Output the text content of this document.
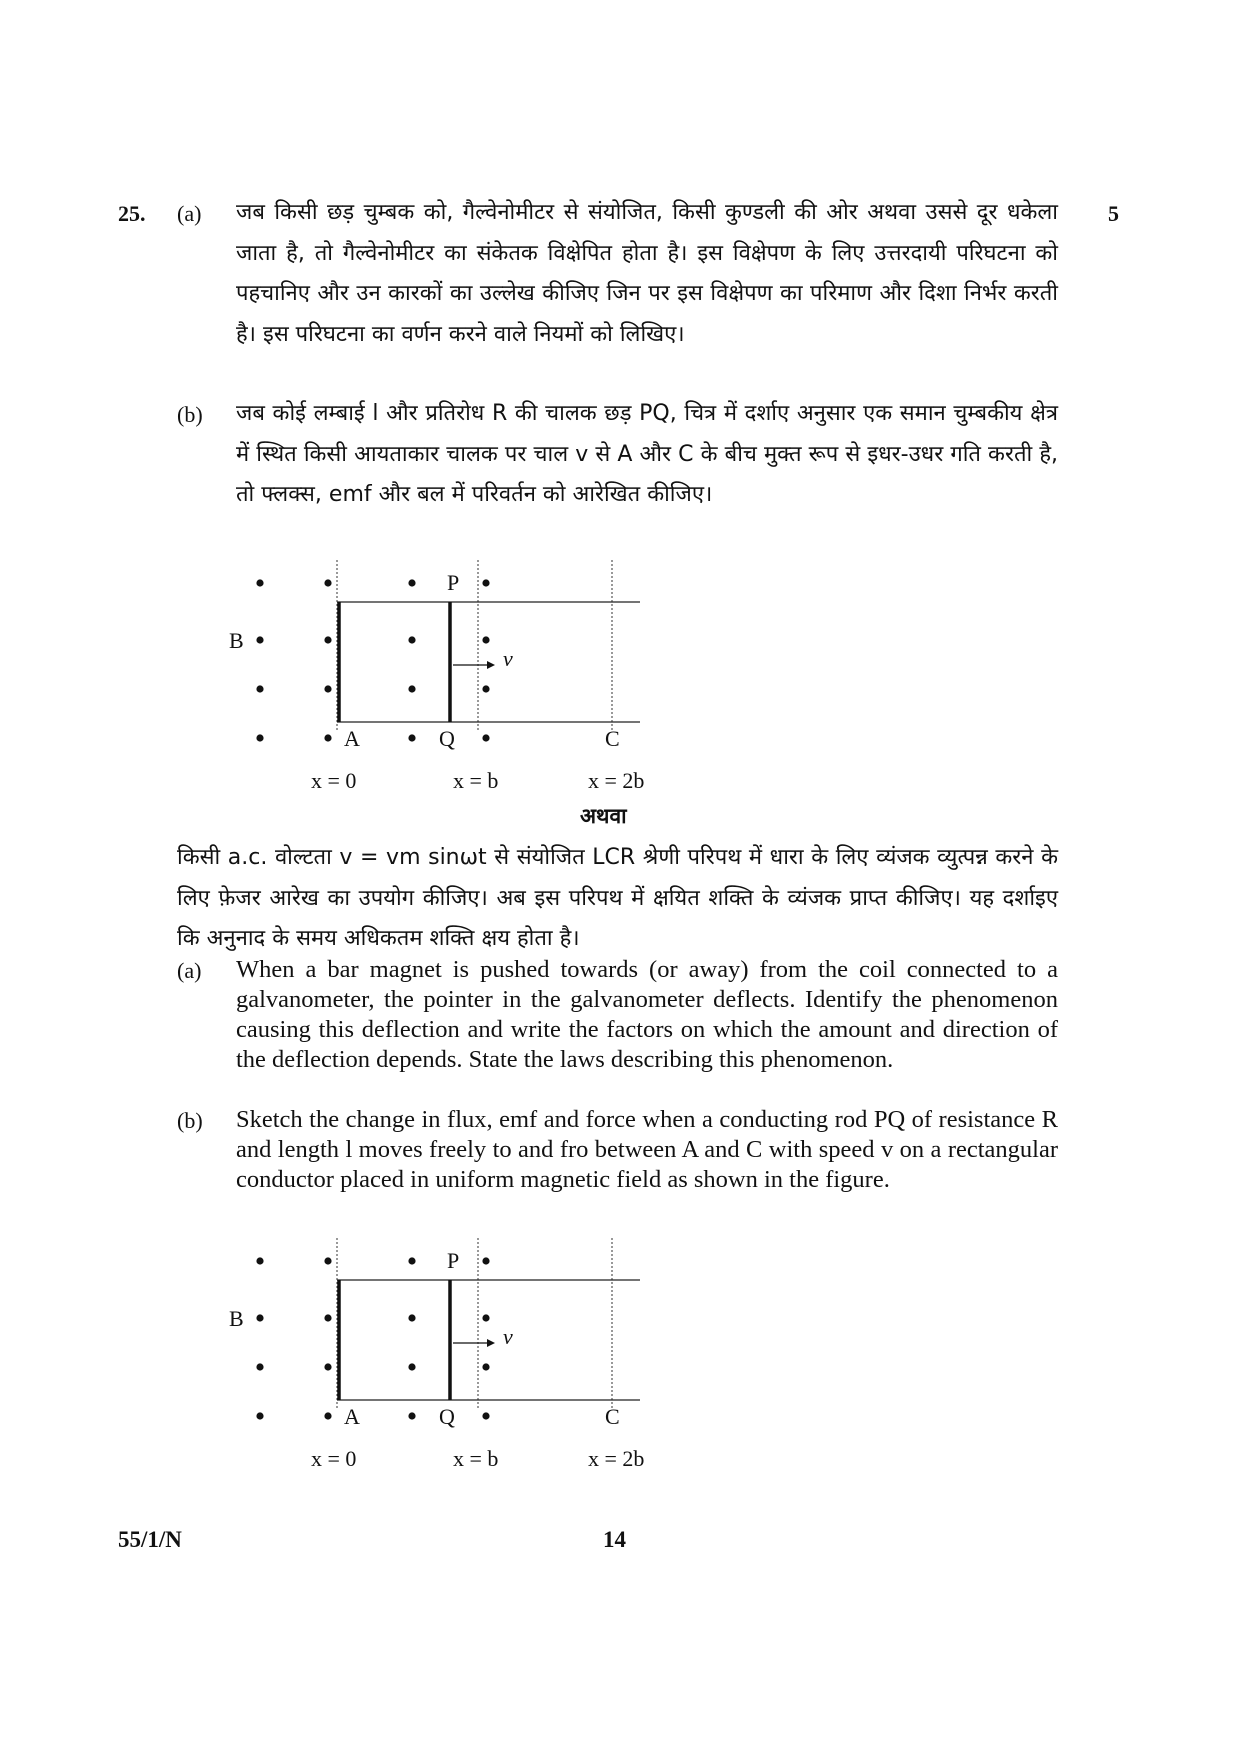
25.	5
(a) जब किसी छड़ चुम्बक को, गैल्वेनोमीटर से संयोजित, किसी कुण्डली की ओर अथवा उससे दूर धकेला जाता है, तो गैल्वेनोमीटर का संकेतक विक्षेपित होता है। इस विक्षेपण के लिए उत्तरदायी परिघटना को पहचानिए और उन कारकों का उल्लेख कीजिए जिन पर इस विक्षेपण का परिमाण और दिशा निर्भर करती है। इस परिघटना का वर्णन करने वाले नियमों को लिखिए।
(b) जब कोई लम्बाई l और प्रतिरोध R की चालक छड़ PQ, चित्र में दर्शाए अनुसार एक समान चुम्बकीय क्षेत्र में स्थित किसी आयताकार चालक पर चाल v से A और C के बीच मुक्त रूप से इधर-उधर गति करती है, तो फ्लक्स, emf और बल में परिवर्तन को आरेखित कीजिए।
B
P
A	Q	C
v
x = 0	x = b	x = 2b
अथवा
किसी a.c. वोल्टता v = vm sinωt से संयोजित LCR श्रेणी परिपथ में धारा के लिए व्यंजक व्युत्पन्न करने के लिए फ़ेजर आरेख का उपयोग कीजिए। अब इस परिपथ में क्षयित शक्ति के व्यंजक प्राप्त कीजिए। यह दर्शाइए कि अनुनाद के समय अधिकतम शक्ति क्षय होता है।
(a) When a bar magnet is pushed towards (or away) from the coil connected to a galvanometer, the pointer in the galvanometer deflects. Identify the phenomenon causing this deflection and write the factors on which the amount and direction of the deflection depends. State the laws describing this phenomenon.
(b) Sketch the change in flux, emf and force when a conducting rod PQ of resistance R and length l moves freely to and fro between A and C with speed v on a rectangular conductor placed in uniform magnetic field as shown in the figure.
B
P
A	Q	C
v
x = 0	x = b	x = 2b
55/1/N	14
